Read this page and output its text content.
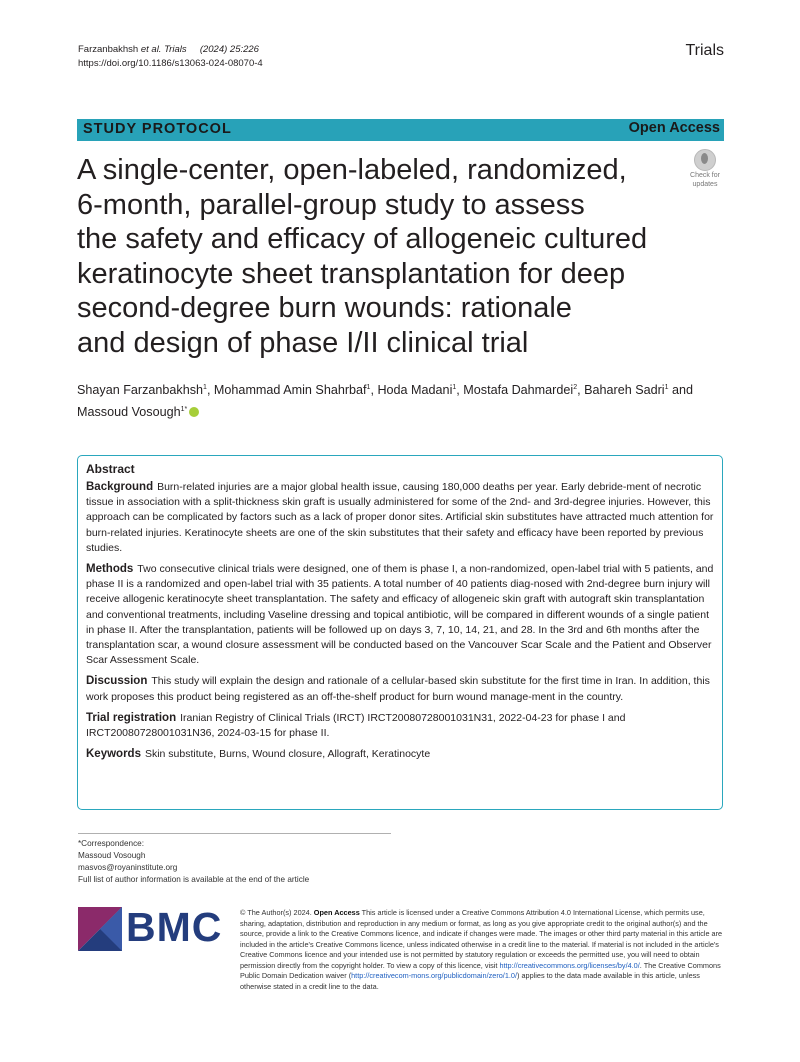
Farzanbakhsh et al. Trials (2024) 25:226
https://doi.org/10.1186/s13063-024-08070-4
Trials
STUDY PROTOCOL	Open Access
A single-center, open-labeled, randomized,
6-month, parallel-group study to assess
the safety and efficacy of allogeneic cultured
keratinocyte sheet transplantation for deep
second-degree burn wounds: rationale
and design of phase I/II clinical trial
Check for
updates
Shayan Farzanbakhsh$^1$, Mohammad Amin Shahrbaf$^1$, Hoda Madani$^1$, Mostafa Dahmardei$^2$, Bahareh Sadri$^1$ and Massoud Vosough$^{1*}$
Abstract

Background Burn-related injuries are a major global health issue, causing 180,000 deaths per year. Early debride-ment of necrotic tissue in association with a split-thickness skin graft is usually administered for some of the 2nd- and 3rd-degree injuries. However, this approach can be complicated by factors such as a lack of proper donor sites. Artificial skin substitutes have attracted much attention for burn-related injuries. Keratinocyte sheets are one of the skin substitutes that their safety and efficacy have been reported by previous studies.

Methods Two consecutive clinical trials were designed, one of them is phase I, a non-randomized, open-label trial with 5 patients, and phase II is a randomized and open-label trial with 35 patients. A total number of 40 patients diag-nosed with 2nd-degree burn injury will receive allogenic keratinocyte sheet transplantation. The safety and efficacy of allogeneic skin graft with autograft skin transplantation and conventional treatments, including Vaseline dressing and topical antibiotic, will be compared in different wounds of a single patient in phase II. After the transplantation, patients will be followed up on days 3, 7, 10, 14, 21, and 28. In the 3rd and 6th months after the transplantation scar, a wound closure assessment will be conducted based on the Vancouver Scar Scale and the Patient and Observer Scar Assessment Scale.

Discussion This study will explain the design and rationale of a cellular-based skin substitute for the first time in Iran. In addition, this work proposes this product being registered as an off-the-shelf product for burn wound manage-ment in the country.

Trial registration Iranian Registry of Clinical Trials (IRCT) IRCT20080728001031N31, 2022-04-23 for phase I and IRCT20080728001031N36, 2024-03-15 for phase II.

Keywords Skin substitute, Burns, Wound closure, Allograft, Keratinocyte

*Correspondence:
Massoud Vosough
masvos@royaninstitute.org
Full list of author information is available at the end of the article
BMC © The Author(s) 2024. Open Access This article is licensed under a Creative Commons Attribution 4.0 International License, which permits use, sharing, adaptation, distribution and reproduction in any medium or format, as long as you give appropriate credit to the original author(s) and the source, provide a link to the Creative Commons licence, and indicate if changes were made. The images or other third party material in this article are included in the article's Creative Commons licence, unless indicated otherwise in a credit line to the material. If material is not included in the article's Creative Commons licence and your intended use is not permitted by statutory regulation or exceeds the permitted use, you will need to obtain permission directly from the copyright holder. To view a copy of this licence, visit http://creativecommons.org/licenses/by/4.0/. The Creative Commons Public Domain Dedication waiver (http://creativecom-mons.org/publicdomain/zero/1.0/) applies to the data made available in this article, unless otherwise stated in a credit line to the data.
